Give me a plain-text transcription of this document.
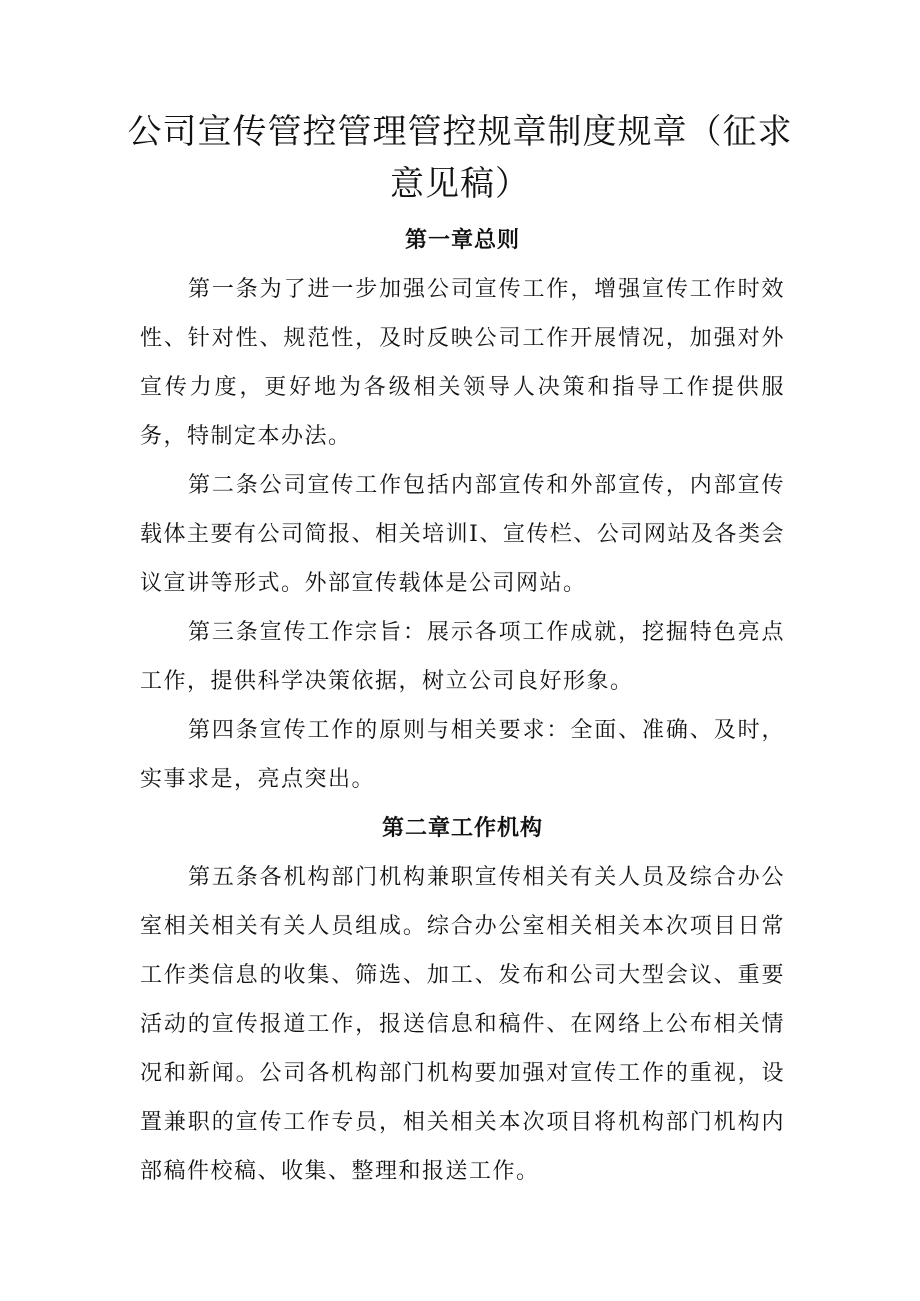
公司宣传管控管理管控规章制度规章（征求意见稿）
第一章总则

第一条为了进一步加强公司宣传工作，增强宣传工作时效性、针对性、规范性，及时反映公司工作开展情况，加强对外宣传力度，更好地为各级相关领导人决策和指导工作提供服务，特制定本办法。

第二条公司宣传工作包括内部宣传和外部宣传，内部宣传载体主要有公司简报、相关培训I、宣传栏、公司网站及各类会议宣讲等形式。外部宣传载体是公司网站。

第三条宣传工作宗旨：展示各项工作成就，挖掘特色亮点工作，提供科学决策依据，树立公司良好形象。

第四条宣传工作的原则与相关要求：全面、准确、及时，实事求是，亮点突出。

第二章工作机构

第五条各机构部门机构兼职宣传相关有关人员及综合办公室相关相关有关人员组成。综合办公室相关相关本次项目日常工作类信息的收集、筛选、加工、发布和公司大型会议、重要活动的宣传报道工作，报送信息和稿件、在网络上公布相关情况和新闻。公司各机构部门机构要加强对宣传工作的重视，设置兼职的宣传工作专员，相关相关本次项目将机构部门机构内部稿件校稿、收集、整理和报送工作。
